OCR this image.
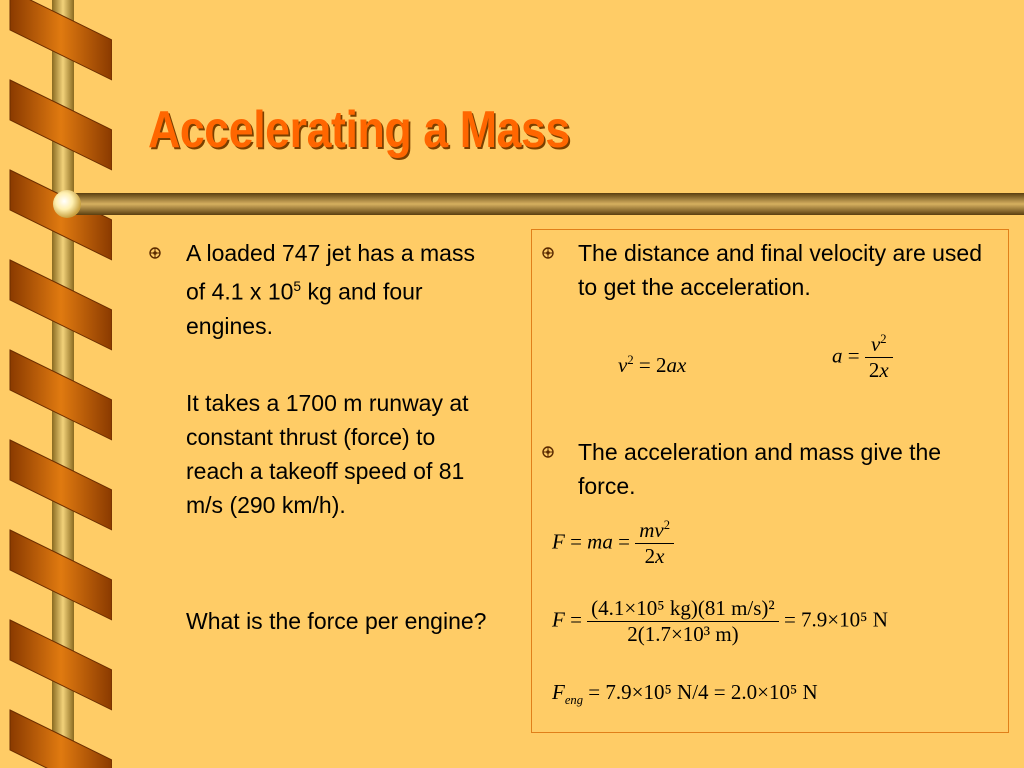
Accelerating a Mass
A loaded 747 jet has a mass of 4.1 x $10^5$ kg and four engines.
It takes a 1700 m runway at constant thrust (force) to reach a takeoff speed of 81 m/s (290 km/h).
What is the force per engine?
The distance and final velocity are used to get the acceleration.
$v^2 = 2ax$	$a = \frac{v^2}{2x}$
The acceleration and mass give the force.
F = ma = $\frac{mv^2}{2x}$
$F = \frac{\text{(4.1×10⁵ kg)(81 m/s)²}}{\text{2(1.7×10³ m)}} = 7.9\times 10^5$ N
$F_{eng} = 7.9\times 10^5$ N/4 = 2.0×10⁵ N
